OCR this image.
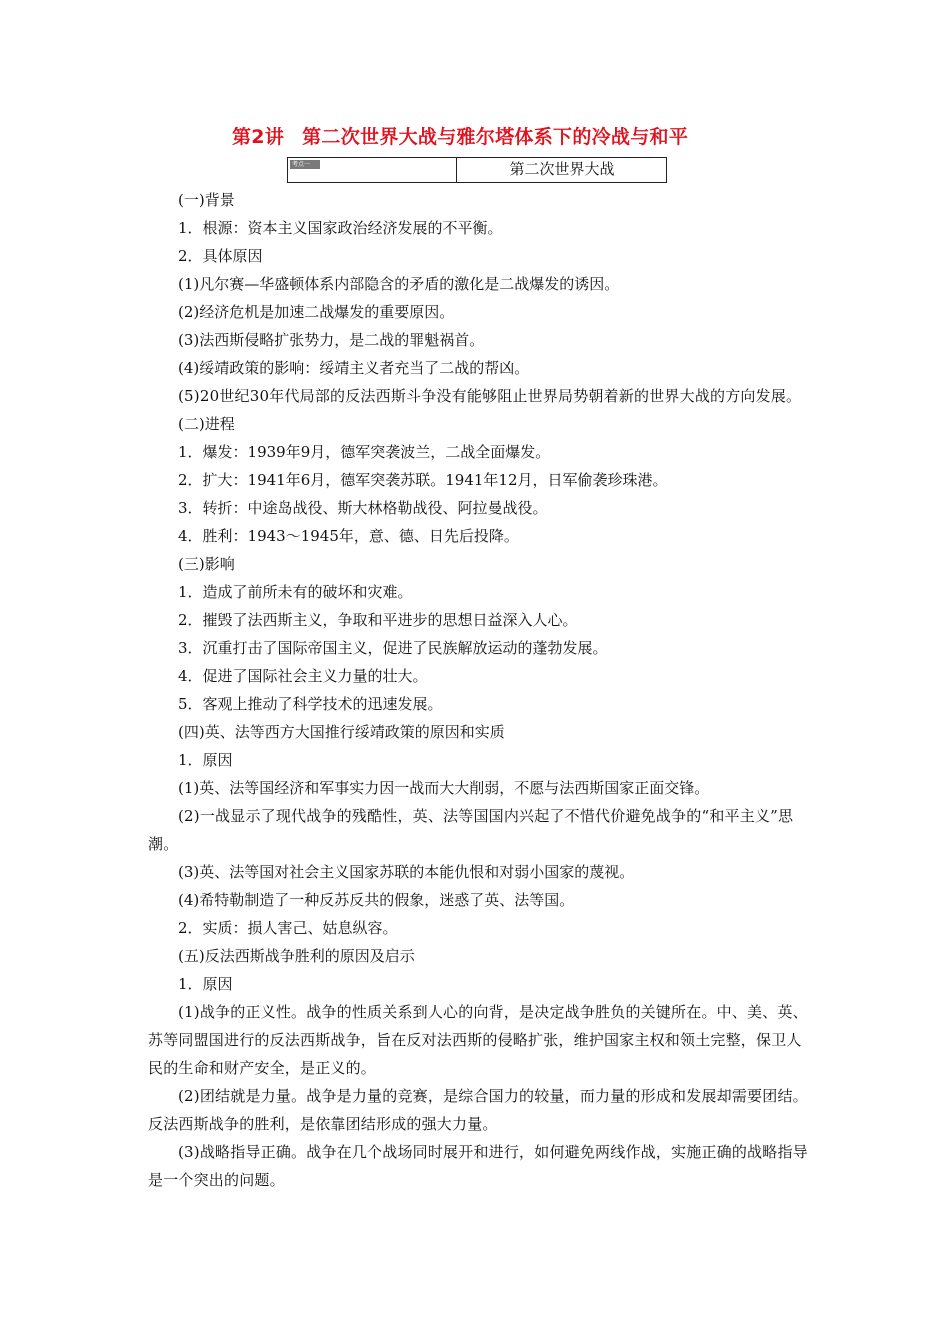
第2讲 第二次世界大战与雅尔塔体系下的冷战与和平
考点一	第二次世界大战

(一)背景

1．根源：资本主义国家政治经济发展的不平衡。

2．具体原因

(1)凡尔赛—华盛顿体系内部隐含的矛盾的激化是二战爆发的诱因。

(2)经济危机是加速二战爆发的重要原因。

(3)法西斯侵略扩张势力，是二战的罪魁祸首。

(4)绥靖政策的影响：绥靖主义者充当了二战的帮凶。

(5)20世纪30年代局部的反法西斯斗争没有能够阻止世界局势朝着新的世界大战的方向发展。

(二)进程

1．爆发：1939年9月，德军突袭波兰，二战全面爆发。

2．扩大：1941年6月，德军突袭苏联。1941年12月，日军偷袭珍珠港。

3．转折：中途岛战役、斯大林格勒战役、阿拉曼战役。

4．胜利：1943～1945年，意、德、日先后投降。

(三)影响

1．造成了前所未有的破坏和灾难。

2．摧毁了法西斯主义，争取和平进步的思想日益深入人心。

3．沉重打击了国际帝国主义，促进了民族解放运动的蓬勃发展。

4．促进了国际社会主义力量的壮大。

5．客观上推动了科学技术的迅速发展。

(四)英、法等西方大国推行绥靖政策的原因和实质

1．原因

(1)英、法等国经济和军事实力因一战而大大削弱，不愿与法西斯国家正面交锋。

(2)一战显示了现代战争的残酷性，英、法等国国内兴起了不惜代价避免战争的“和平主义”思潮。

(3)英、法等国对社会主义国家苏联的本能仇恨和对弱小国家的蔑视。

(4)希特勒制造了一种反苏反共的假象，迷惑了英、法等国。

2．实质：损人害己、姑息纵容。

(五)反法西斯战争胜利的原因及启示

1．原因

(1)战争的正义性。战争的性质关系到人心的向背，是决定战争胜负的关键所在。中、美、英、苏等同盟国进行的反法西斯战争，旨在反对法西斯的侵略扩张，维护国家主权和领土完整，保卫人民的生命和财产安全，是正义的。

(2)团结就是力量。战争是力量的竞赛，是综合国力的较量，而力量的形成和发展却需要团结。反法西斯战争的胜利，是依靠团结形成的强大力量。

(3)战略指导正确。战争在几个战场同时展开和进行，如何避免两线作战，实施正确的战略指导是一个突出的问题。
